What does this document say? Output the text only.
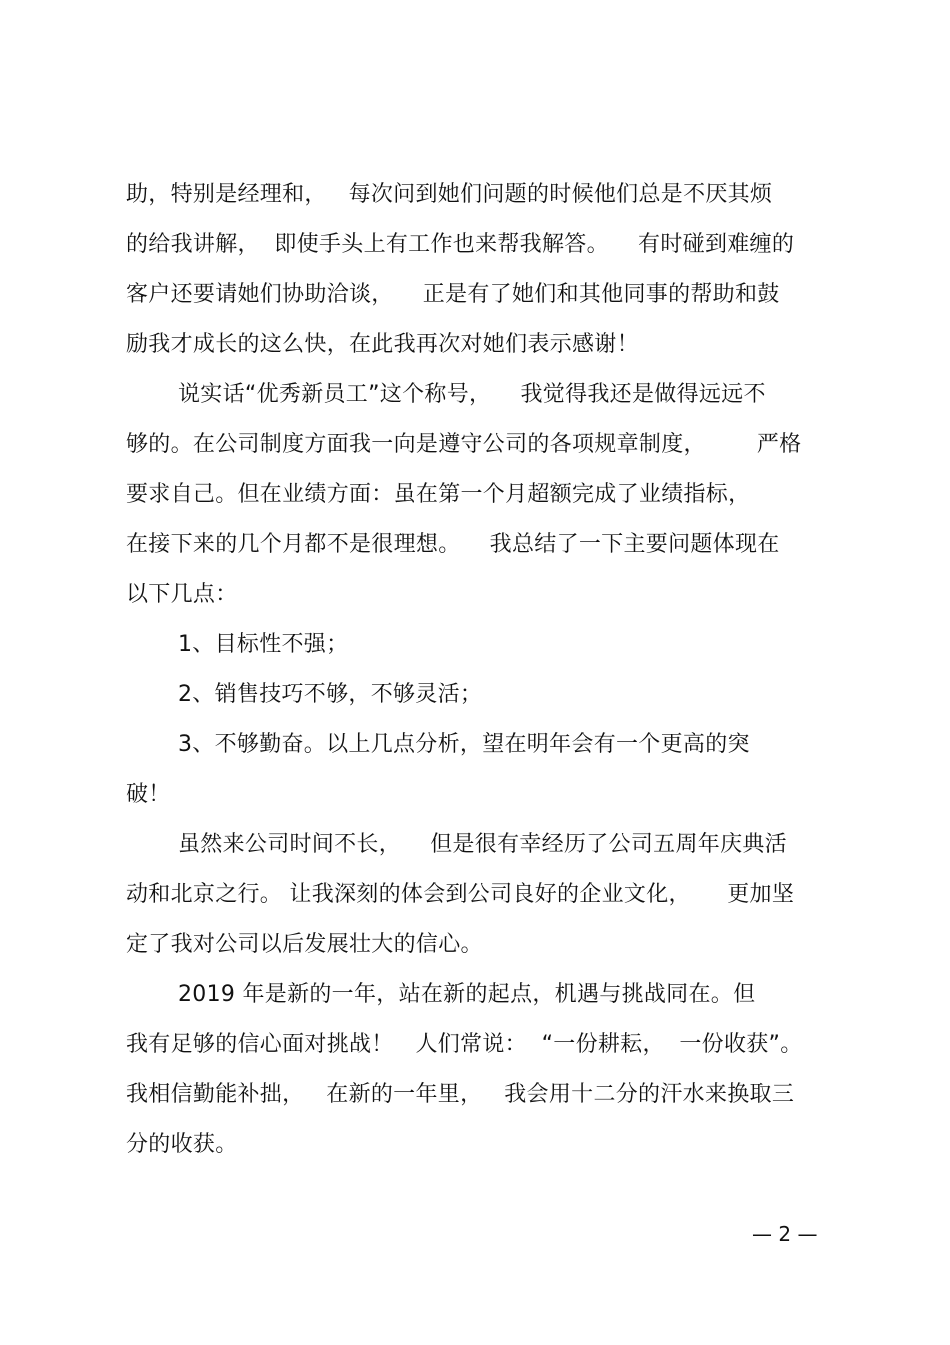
助，特别是经理和，   每次问到她们问题的时候他们总是不厌其烦
的给我讲解，  即使手头上有工作也来帮我解答。    有时碰到难缠的
客户还要请她们协助洽谈，    正是有了她们和其他同事的帮助和鼓
励我才成长的这么快，在此我再次对她们表示感谢！
说实话“优秀新员工”这个称号，    我觉得我还是做得远远不
够的。在公司制度方面我一向是遵守公司的各项规章制度，       严格
要求自己。但在业绩方面：虽在第一个月超额完成了业绩指标，
在接下来的几个月都不是很理想。    我总结了一下主要问题体现在
以下几点：
1、目标性不强；
2、销售技巧不够，不够灵活；
3、不够勤奋。以上几点分析，望在明年会有一个更高的突
破！
虽然来公司时间不长，    但是很有幸经历了公司五周年庆典活
动和北京之行。 让我深刻的体会到公司良好的企业文化，     更加坚
定了我对公司以后发展壮大的信心。
2019 年是新的一年，站在新的起点，机遇与挑战同在。但
我有足够的信心面对挑战！   人们常说：  “一份耕耘，  一份收获”。
我相信勤能补拙，   在新的一年里，   我会用十二分的汗水来换取三
分的收获。
— 2 —
